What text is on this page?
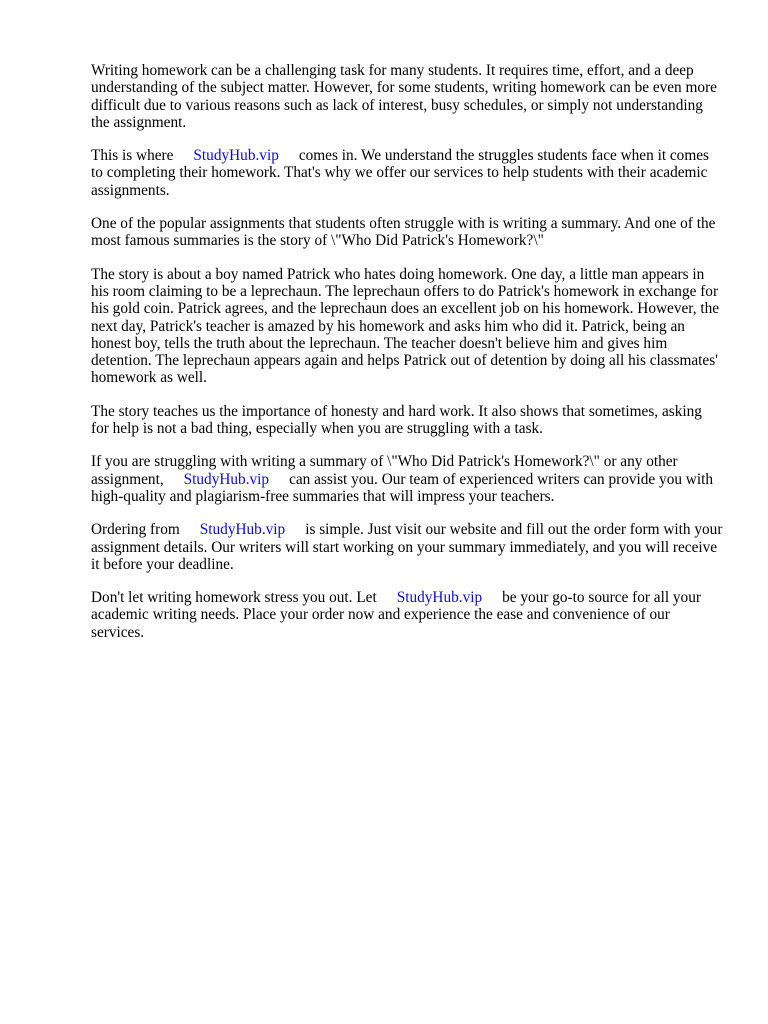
Writing homework can be a challenging task for many students. It requires time, effort, and a deep understanding of the subject matter. However, for some students, writing homework can be even more difficult due to various reasons such as lack of interest, busy schedules, or simply not understanding the assignment.

This is where StudyHub.vip comes in. We understand the struggles students face when it comes to completing their homework. That's why we offer our services to help students with their academic assignments.

One of the popular assignments that students often struggle with is writing a summary. And one of the most famous summaries is the story of \"Who Did Patrick's Homework?\"

The story is about a boy named Patrick who hates doing homework. One day, a little man appears in his room claiming to be a leprechaun. The leprechaun offers to do Patrick's homework in exchange for his gold coin. Patrick agrees, and the leprechaun does an excellent job on his homework. However, the next day, Patrick's teacher is amazed by his homework and asks him who did it. Patrick, being an honest boy, tells the truth about the leprechaun. The teacher doesn't believe him and gives him detention. The leprechaun appears again and helps Patrick out of detention by doing all his classmates' homework as well.

The story teaches us the importance of honesty and hard work. It also shows that sometimes, asking for help is not a bad thing, especially when you are struggling with a task.

If you are struggling with writing a summary of \"Who Did Patrick's Homework?\" or any other assignment, StudyHub.vip can assist you. Our team of experienced writers can provide you with high-quality and plagiarism-free summaries that will impress your teachers.

Ordering from StudyHub.vip is simple. Just visit our website and fill out the order form with your assignment details. Our writers will start working on your summary immediately, and you will receive it before your deadline.

Don't let writing homework stress you out. Let StudyHub.vip be your go-to source for all your academic writing needs. Place your order now and experience the ease and convenience of our services.
